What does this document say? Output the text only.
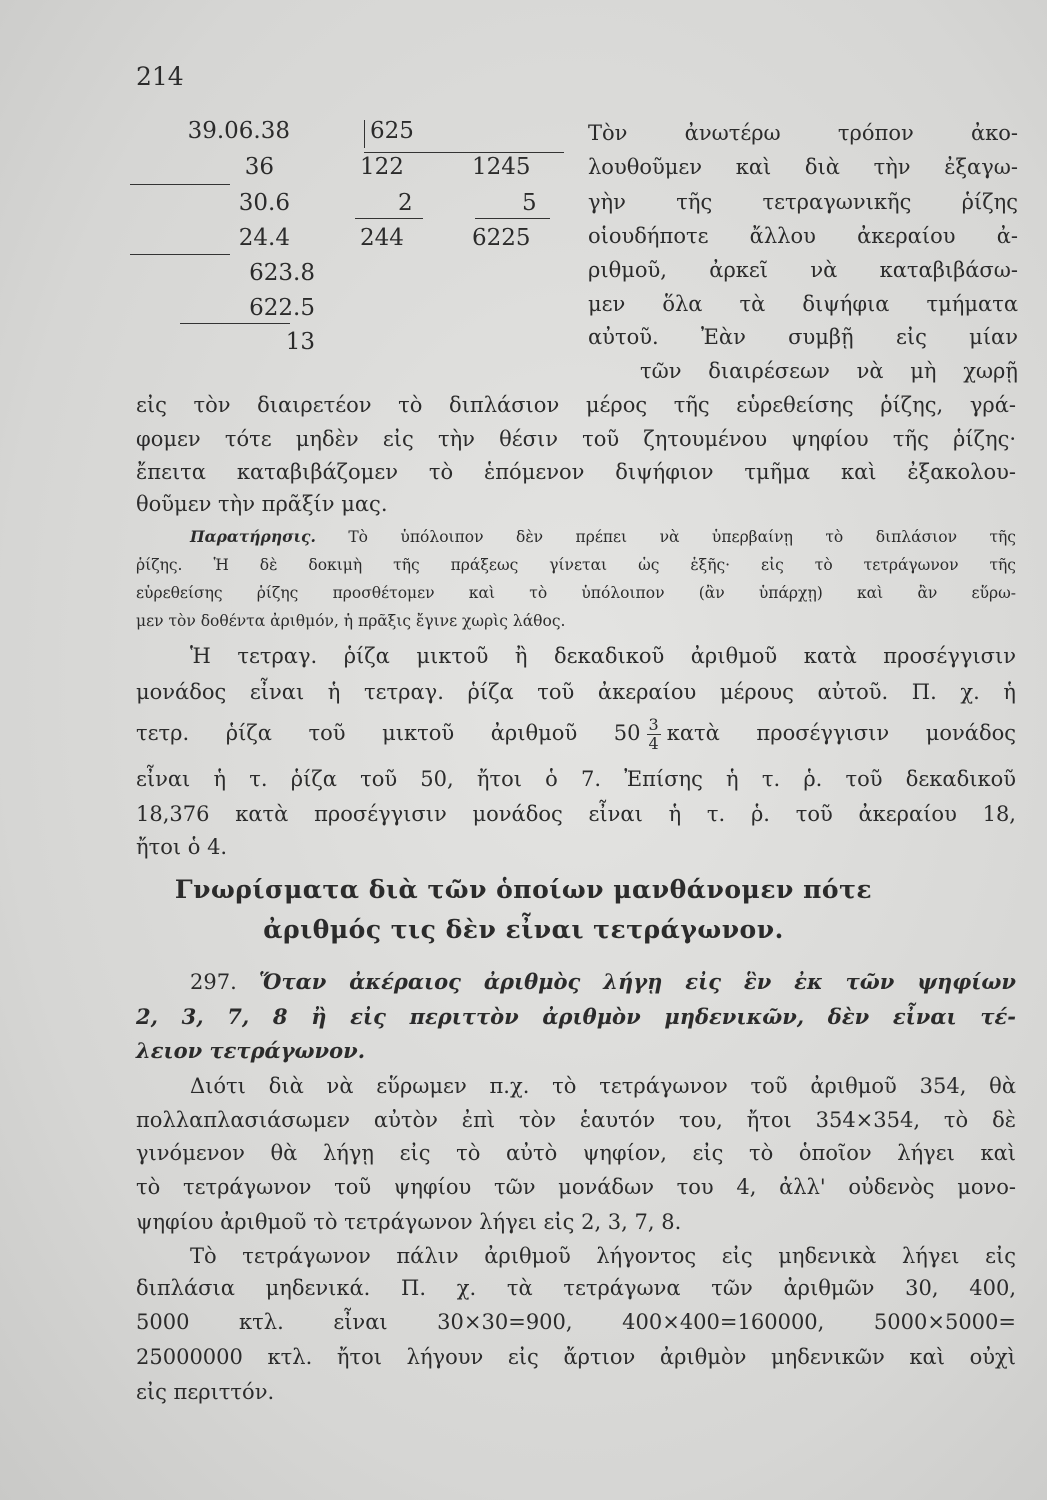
214
39.06.38
36
30.6
24.4
623.8
622.5
13
625
122
2
244
1245
5
6225
Τὸν ἀνωτέρω τρόπον ἀκο-
λουθοῦμεν καὶ διὰ τὴν ἐξαγω-
γὴν τῆς τετραγωνικῆς ῥίζης
οἱουδήποτε ἄλλου ἀκεραίου ἀ-
ριθμοῦ, ἀρκεῖ νὰ καταβιβάσω-
μεν ὅλα τὰ διψήφια τμήματα
αὐτοῦ. Ἐὰν συμβῇ εἰς μίαν
τῶν διαιρέσεων νὰ μὴ χωρῇ
εἰς τὸν διαιρετέον τὸ διπλάσιον μέρος τῆς εὑρεθείσης ῥίζης, γρά-
φομεν τότε μηδὲν εἰς τὴν θέσιν τοῦ ζητουμένου ψηφίου τῆς ῥίζης·
ἔπειτα καταβιβάζομεν τὸ ἑπόμενον διψήφιον τμῆμα καὶ ἐξακολου-
θοῦμεν τὴν πρᾶξίν μας.
Παρατήρησις. Τὸ ὑπόλοιπον δὲν πρέπει νὰ ὑπερβαίνῃ τὸ διπλάσιον τῆς
ῥίζης. Ἡ δὲ δοκιμὴ τῆς πράξεως γίνεται ὡς ἑξῆς· εἰς τὸ τετράγωνον τῆς
εὑρεθείσης ῥίζης προσθέτομεν καὶ τὸ ὑπόλοιπον (ἂν ὑπάρχῃ) καὶ ἂν εὕρω-
μεν τὸν δοθέντα ἀριθμόν, ἡ πρᾶξις ἔγινε χωρὶς λάθος.
Ἡ τετραγ. ῥίζα μικτοῦ ἢ δεκαδικοῦ ἀριθμοῦ κατὰ προσέγγισιν
μονάδος εἶναι ἡ τετραγ. ῥίζα τοῦ ἀκεραίου μέρους αὐτοῦ. Π. χ. ἡ
τετρ. ῥίζα τοῦ μικτοῦ ἀριθμοῦ $50 \frac{3}{4}$ κατὰ προσέγγισιν μονάδος
εἶναι ἡ τ. ῥίζα τοῦ 50, ἤτοι ὁ 7. Ἐπίσης ἡ τ. ῥ. τοῦ δεκαδικοῦ
18,376 κατὰ προσέγγισιν μονάδος εἶναι ἡ τ. ῥ. τοῦ ἀκεραίου 18,
ἤτοι ὁ 4.
Γνωρίσματα διὰ τῶν ὁποίων μανθάνομεν πότε
ἀριθμός τις δὲν εἶναι τετράγωνον.
297. Ὅταν ἀκέραιος ἀριθμὸς λήγῃ εἰς ἓν ἐκ τῶν ψηφίων
2, 3, 7, 8 ἢ εἰς περιττὸν ἀριθμὸν μηδενικῶν, δὲν εἶναι τέ-
λειον τετράγωνον.
Διότι διὰ νὰ εὕρωμεν π.χ. τὸ τετράγωνον τοῦ ἀριθμοῦ 354, θὰ
πολλαπλασιάσωμεν αὐτὸν ἐπὶ τὸν ἑαυτόν του, ἤτοι 354×354, τὸ δὲ
γινόμενον θὰ λήγῃ εἰς τὸ αὐτὸ ψηφίον, εἰς τὸ ὁποῖον λήγει καὶ
τὸ τετράγωνον τοῦ ψηφίου τῶν μονάδων του 4, ἀλλ' οὐδενὸς μονο-
ψηφίου ἀριθμοῦ τὸ τετράγωνον λήγει εἰς 2, 3, 7, 8.
Τὸ τετράγωνον πάλιν ἀριθμοῦ λήγοντος εἰς μηδενικὰ λήγει εἰς
διπλάσια μηδενικά. Π. χ. τὰ τετράγωνα τῶν ἀριθμῶν 30, 400,
5000 κτλ. εἶναι 30×30=900, 400×400=160000, 5000×5000=
25000000 κτλ. ἤτοι λήγουν εἰς ἄρτιον ἀριθμὸν μηδενικῶν καὶ οὐχὶ
εἰς περιττόν.
